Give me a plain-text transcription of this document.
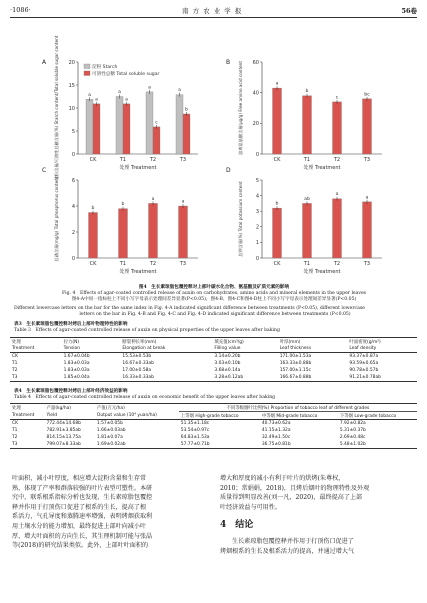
·1086·	南 方 农 业 学 报	56卷
A
0
5
10
15
20
淀粉含量/可溶性总糖含量(%) Starch content/Total soluble sugar content	处理 Treatment
CK
a
a
T1
a
a
T2
a
c
T3
a
b
淀粉 Starch
可溶性总糖 Total soluble sugar
B
0
20
40
60
游离氨基酸含量(μg/g) Free amino acid content
处理 Treatment
CK
a
T1
b
T2
c
T3
bc
C
0
2
4
6
总磷含量(mg/g) Total phosphorus content
处理 Treatment
CK
b
T1
b
T2
a
T3
a
D
0
1
2
3
4
5
总钾含量(%) Total potassium content
处理 Treatment
CK
b
T1
ab
T2
a
T3
a
图4　生长素琼脂包覆控释对上部叶碳水化合物、氨基酸及矿质元素的影响
Fig. 4　Effects of agar-coated controlled release of auxin on carbohydrates, amino acids and mineral elements in the upper leaves
图4-A中同一指标柱上不同小写字母表示处理间差异显著(P<0.05)，图4-B、图4-C和图4-D柱上不同小写字母表示处理间差异显著(P<0.05)
Different lowercase letters on the bar for the same index in Fig. 4-A indicated significant difference between treatments (P<0.05), different lowercase
letters on the bar in Fig. 4-B and Fig. 4-C and Fig. 4-D indicated significant difference between treatments (P<0.05)
表3　生长素琼脂包覆控释对烤后上部叶物理特性的影响
Table 3　Effects of agar-coated controlled release of auxin on physical properties of the upper leaves after baking
处理	拉力(N)	断裂伸长率(mm)	填充值(cm³/g)	叶厚(mm)	叶面密度(g/m²)
Treatment	Tension	Elongation at break	Filling value	Leaf thickness	Leaf density
CK	1.67±0.04b	15.53±0.53b	3.14±0.20b	171.00±1.53a	93.37±0.87a
T1	1.83±0.03a	16.67±0.33ab	3.03±0.10b	163.33±0.88b	93.59±0.65a
T2	1.83±0.03a	17.00±0.58a	3.68±0.14a	157.00±1.15c	90.78±0.57b
T3	1.85±0.04a	16.33±0.33ab	3.28±0.12ab	166.67±0.88b	91.21±0.78ab
表4　生长素琼脂包覆控释对烤后上部叶经济效益的影响
Table 4　Effects of agar-coated controlled release of auxin on economic benefit of the upper leaves after baking
处理	产量(kg/ha)	产值(万元/ha)	不同等级烟叶比例(%) Proportion of tobacco leaf of different grades		
Treatment	Yield	Output value (10⁴ yuan/ha)	上等烟 High-grade tobacco	中等烟 Mid-grade tobacco	下等烟 Low-grade tobacco
CK	772.44±14.68b	1.57±0.05b	51.35±1.18c	40.73±0.62a	7.92±0.82a
T1	782.91±3.85ab	1.66±0.03ab	53.54±0.97c	41.15±1.32a	5.31±0.37b
T2	814.15±13.75a	1.81±0.07a	64.83±1.53a	32.49±1.50c	2.69±0.48c
T3	799.07±8.33ab	1.69±0.02ab	57.77±0.71b	36.75±0.81b	5.48±1.02b
叶面积，减小叶厚度，相应增大淀粉含量和生存常
熟，体现了产率和群落较强的叶片表型可塑性。本研
究中，联系根系指标分析也发现，生长素琼脂包覆控
释并作用于打顶伤口促进了根系的生长，提高了根
系活力，气孔导度和蒸腾速率增强，表明烤烟获取利
用土壤水分的能力增加，最终促进上部叶向减小叶
厚，增大叶面积的方向生长，其生理机制可能与张晶
等(2018)的研究结果类似。此外，上部叶叶面积的
增大和厚度的减小有利于叶片的烘烤(朱尊权，
2010；常娟娟，2018)，且烤后烟叶的物理特性及外观
质量得到明显改善(刘一凡，2020)，最终提高了上部
叶经济效益与可用性。
4　结论
生长素琼脂包覆控释并作用于打顶伤口促进了
烤烟根系的生长及根系活力的提高，并通过增大气
